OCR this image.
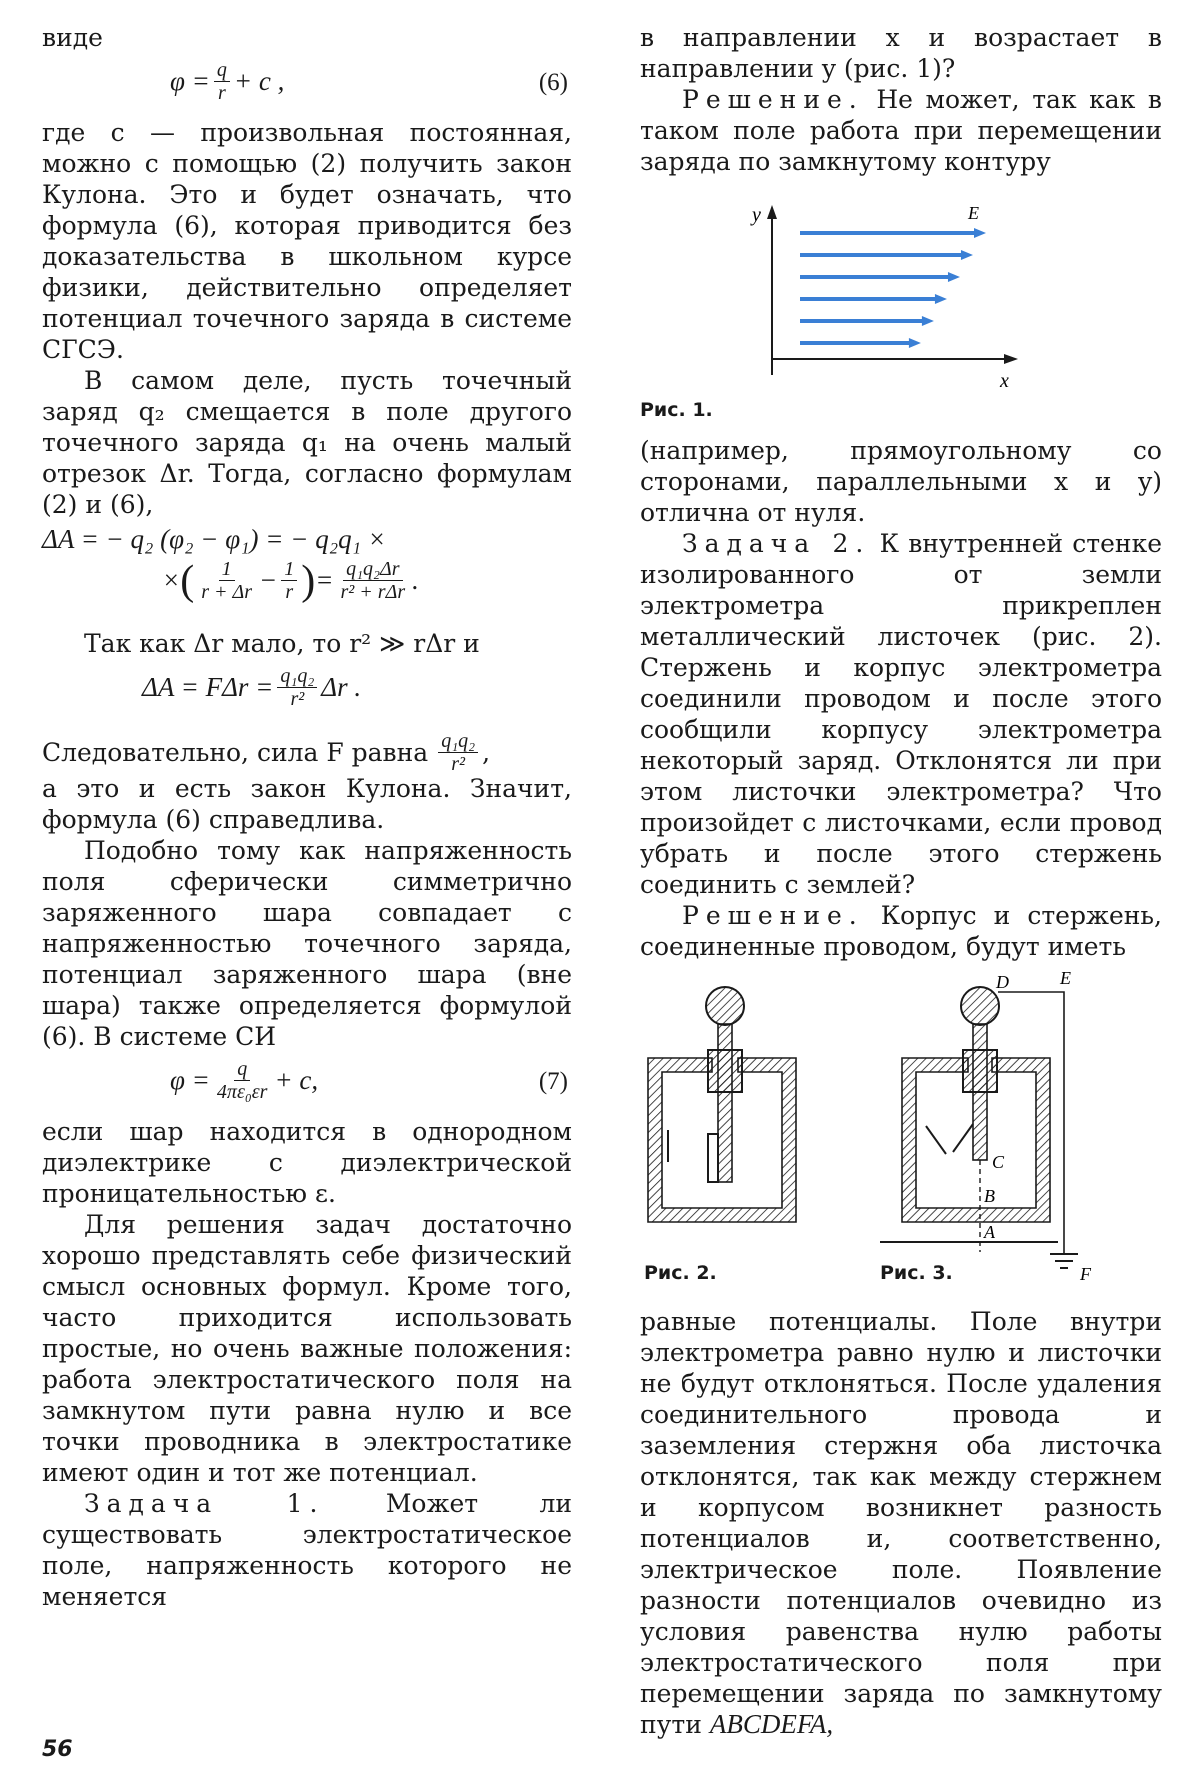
виде

$\varphi = \frac{q}{r} + c$ ,	(6)

где c — произвольная постоянная, можно с помощью (2) получить закон Кулона. Это и будет означать, что формула (6), которая приводится без доказательства в школьном курсе физики, действительно определяет потенциал точечного заряда в системе СГСЭ.

В самом деле, пусть точечный заряд q₂ смещается в поле другого точечного заряда q₁ на очень малый отрезок Δr. Тогда, согласно формулам (2) и (6),

ΔA = − q₂ (φ₂ − φ₁) = − q₂q₁ ×
× ( $\frac{1}{r + \Delta r} - \frac{1}{r}$ ) = $\frac{\text{q₁q₂Δr}}{\text{r² + rΔr}}$ .

Так как Δr мало, то r² ≫ rΔr и

$\Delta A = F\Delta r = \frac{\text{q₁q₂}}{\text{r²}}$ Δr .

Следовательно, сила F равна $\frac{\text{q₁q₂}}{\text{r²}}$ ,

а это и есть закон Кулона. Значит, формула (6) справедлива.

Подобно тому как напряженность поля сферически симметрично заряженного шара совпадает с напряженностью точечного заряда, потенциал заряженного шара (вне шара) также определяется формулой (6). В системе СИ

$\varphi = \frac{q}{\text{4πε₀εr}} + c$,	(7)

если шар находится в однородном диэлектрике с диэлектрической проницательностью ε.

Для решения задач достаточно хорошо представлять себе физический смысл основных формул. Кроме того, часто приходится использовать простые, но очень важные положения: работа электростатического поля на замкнутом пути равна нулю и все точки проводника в электростатике имеют один и тот же потенциал.

Задача 1. Может ли существовать электростатическое поле, напряженность которого не меняется

в направлении x и возрастает в направлении y (рис. 1)?

Решение. Не может, так как в таком поле работа при перемещении заряда по замкнутому контуру

y
x
E
Рис. 1.

(например, прямоугольному со сторонами, параллельными x и y) отлична от нуля.

Задача 2. К внутренней стенке изолированного от земли электрометра прикреплен металлический листочек (рис. 2). Стержень и корпус электрометра соединили проводом и после этого сообщили корпусу электрометра некоторый заряд. Отклонятся ли при этом листочки электрометра? Что произойдет с листочками, если провод убрать и после этого стержень соединить с землей?

Решение. Корпус и стержень, соединенные проводом, будут иметь

D	E
C
B
A
F
Рис. 2.	Рис. 3.

равные потенциалы. Поле внутри электрометра равно нулю и листочки не будут отклоняться. После удаления соединительного провода и заземления стержня оба листочка отклонятся, так как между стержнем и корпусом возникнет разность потенциалов и, соответственно, электрическое поле. Появление разности потенциалов очевидно из условия равенства нулю работы электростатического поля при перемещении заряда по замкнутому пути ABCDEFA,

56
